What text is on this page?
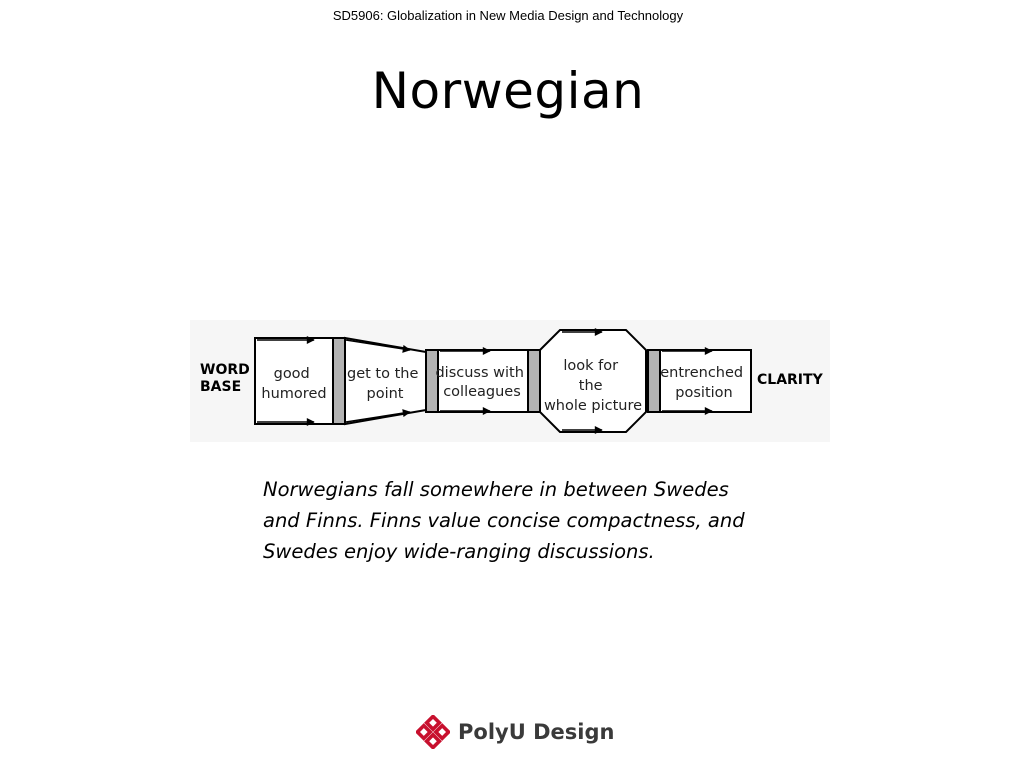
SD5906: Globalization in New Media Design and Technology
Norwegian
WORD BASE
good humored
get to the point
discuss with colleagues
look for the whole picture
entrenched position
CLARITY
Norwegians fall somewhere in between Swedes
and Finns. Finns value concise compactness, and
Swedes enjoy wide-ranging discussions.
PolyU Design
